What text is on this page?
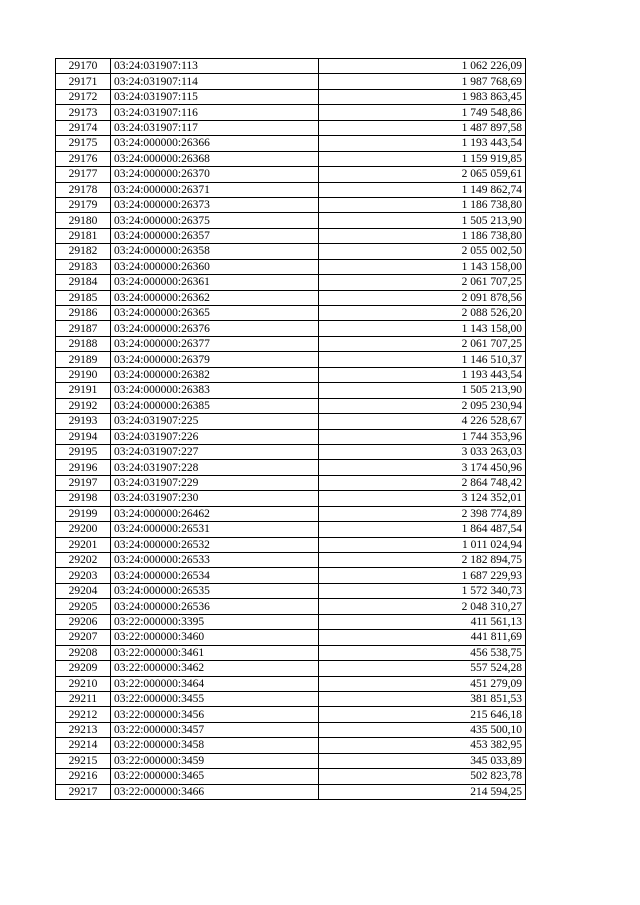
29170	03:24:031907:113	1 062 226,09
29171	03:24:031907:114	1 987 768,69
29172	03:24:031907:115	1 983 863,45
29173	03:24:031907:116	1 749 548,86
29174	03:24:031907:117	1 487 897,58
29175	03:24:000000:26366	1 193 443,54
29176	03:24:000000:26368	1 159 919,85
29177	03:24:000000:26370	2 065 059,61
29178	03:24:000000:26371	1 149 862,74
29179	03:24:000000:26373	1 186 738,80
29180	03:24:000000:26375	1 505 213,90
29181	03:24:000000:26357	1 186 738,80
29182	03:24:000000:26358	2 055 002,50
29183	03:24:000000:26360	1 143 158,00
29184	03:24:000000:26361	2 061 707,25
29185	03:24:000000:26362	2 091 878,56
29186	03:24:000000:26365	2 088 526,20
29187	03:24:000000:26376	1 143 158,00
29188	03:24:000000:26377	2 061 707,25
29189	03:24:000000:26379	1 146 510,37
29190	03:24:000000:26382	1 193 443,54
29191	03:24:000000:26383	1 505 213,90
29192	03:24:000000:26385	2 095 230,94
29193	03:24:031907:225	4 226 528,67
29194	03:24:031907:226	1 744 353,96
29195	03:24:031907:227	3 033 263,03
29196	03:24:031907:228	3 174 450,96
29197	03:24:031907:229	2 864 748,42
29198	03:24:031907:230	3 124 352,01
29199	03:24:000000:26462	2 398 774,89
29200	03:24:000000:26531	1 864 487,54
29201	03:24:000000:26532	1 011 024,94
29202	03:24:000000:26533	2 182 894,75
29203	03:24:000000:26534	1 687 229,93
29204	03:24:000000:26535	1 572 340,73
29205	03:24:000000:26536	2 048 310,27
29206	03:22:000000:3395	411 561,13
29207	03:22:000000:3460	441 811,69
29208	03:22:000000:3461	456 538,75
29209	03:22:000000:3462	557 524,28
29210	03:22:000000:3464	451 279,09
29211	03:22:000000:3455	381 851,53
29212	03:22:000000:3456	215 646,18
29213	03:22:000000:3457	435 500,10
29214	03:22:000000:3458	453 382,95
29215	03:22:000000:3459	345 033,89
29216	03:22:000000:3465	502 823,78
29217	03:22:000000:3466	214 594,25
